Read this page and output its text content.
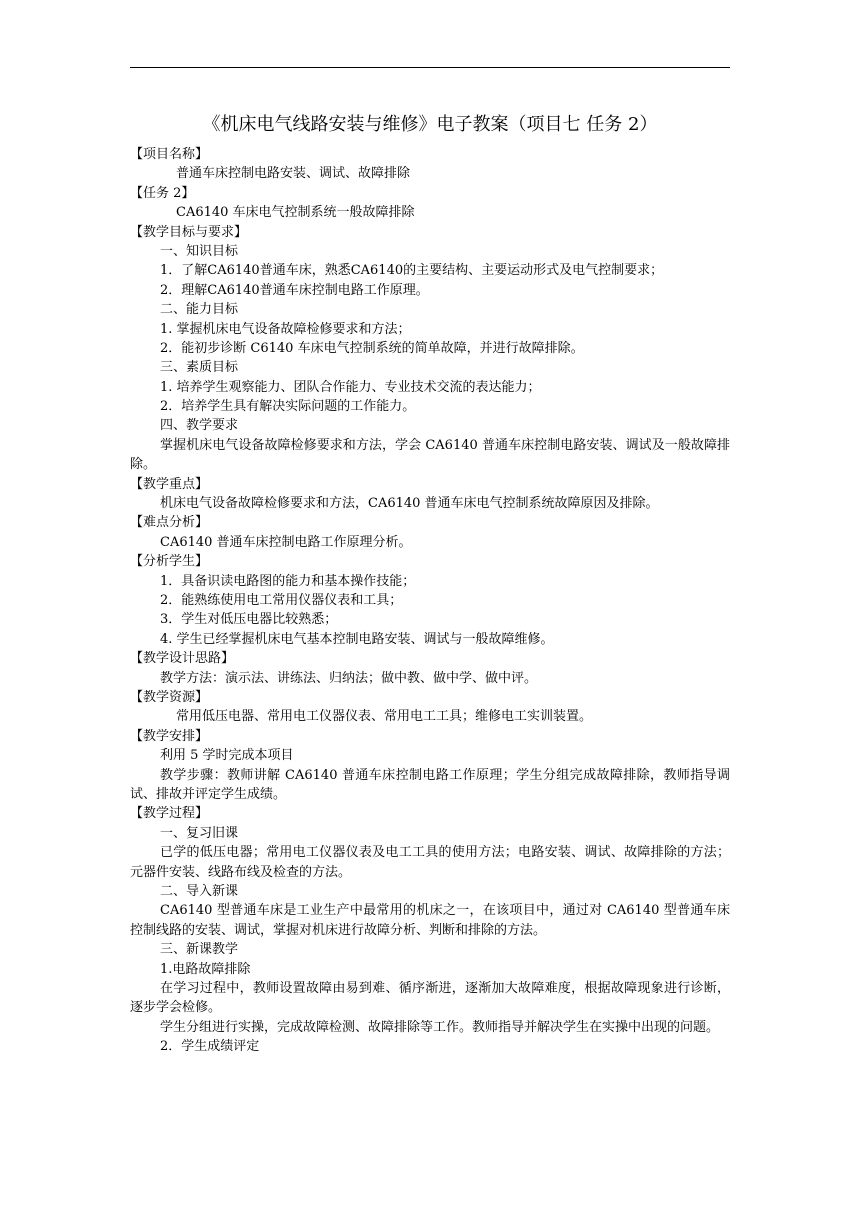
《机床电气线路安装与维修》电子教案（项目七 任务 2）
【项目名称】
普通车床控制电路安装、调试、故障排除
【任务 2】
CA6140 车床电气控制系统一般故障排除
【教学目标与要求】
一、知识目标
1．了解CA6140普通车床，熟悉CA6140的主要结构、主要运动形式及电气控制要求；
2．理解CA6140普通车床控制电路工作原理。
二、能力目标
1. 掌握机床电气设备故障检修要求和方法；
2．能初步诊断 C6140 车床电气控制系统的简单故障，并进行故障排除。
三、素质目标
1. 培养学生观察能力、团队合作能力、专业技术交流的表达能力；
2．培养学生具有解决实际问题的工作能力。
四、教学要求
掌握机床电气设备故障检修要求和方法，学会 CA6140 普通车床控制电路安装、调试及一般故障排除。
【教学重点】
机床电气设备故障检修要求和方法，CA6140 普通车床电气控制系统故障原因及排除。
【难点分析】
CA6140 普通车床控制电路工作原理分析。
【分析学生】
1．具备识读电路图的能力和基本操作技能；
2．能熟练使用电工常用仪器仪表和工具；
3．学生对低压电器比较熟悉；
4. 学生已经掌握机床电气基本控制电路安装、调试与一般故障维修。
【教学设计思路】
教学方法：演示法、讲练法、归纳法；做中教、做中学、做中评。
【教学资源】
常用低压电器、常用电工仪器仪表、常用电工工具；维修电工实训装置。
【教学安排】
利用 5 学时完成本项目
教学步骤：教师讲解 CA6140 普通车床控制电路工作原理；学生分组完成故障排除，教师指导调试、排故并评定学生成绩。
【教学过程】
一、复习旧课
已学的低压电器；常用电工仪器仪表及电工工具的使用方法；电路安装、调试、故障排除的方法；元器件安装、线路布线及检查的方法。
二、导入新课
CA6140 型普通车床是工业生产中最常用的机床之一，在该项目中，通过对 CA6140 型普通车床控制线路的安装、调试，掌握对机床进行故障分析、判断和排除的方法。
三、新课教学
1.电路故障排除
在学习过程中，教师设置故障由易到难、循序渐进，逐渐加大故障难度，根据故障现象进行诊断，逐步学会检修。
学生分组进行实操，完成故障检测、故障排除等工作。教师指导并解决学生在实操中出现的问题。
2．学生成绩评定
